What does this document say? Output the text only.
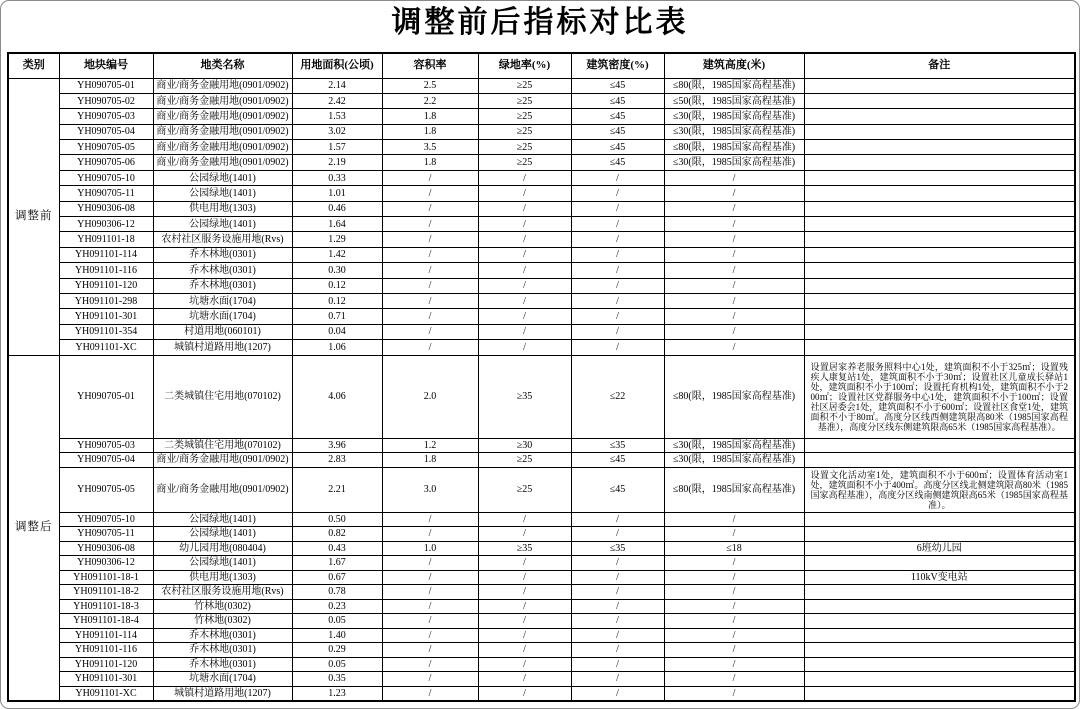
调整前后指标对比表
类别	地块编号	地类名称	用地面积(公顷)	容积率	绿地率(%)	建筑密度(%)	建筑高度(米)	备注
调整前	YH090705-01	商业/商务金融用地(0901/0902)	2.14	2.5	≥25	≤45	≤80(限，1985国家高程基准)	
	YH090705-02	商业/商务金融用地(0901/0902)	2.42	2.2	≥25	≤45	≤50(限，1985国家高程基准)	
	YH090705-03	商业/商务金融用地(0901/0902)	1.53	1.8	≥25	≤45	≤30(限，1985国家高程基准)	
	YH090705-04	商业/商务金融用地(0901/0902)	3.02	1.8	≥25	≤45	≤30(限，1985国家高程基准)	
	YH090705-05	商业/商务金融用地(0901/0902)	1.57	3.5	≥25	≤45	≤80(限，1985国家高程基准)	
	YH090705-06	商业/商务金融用地(0901/0902)	2.19	1.8	≥25	≤45	≤30(限，1985国家高程基准)	
	YH090705-10	公园绿地(1401)	0.33	/	/	/	/	
	YH090705-11	公园绿地(1401)	1.01	/	/	/	/	
	YH090306-08	供电用地(1303)	0.46	/	/	/	/	
	YH090306-12	公园绿地(1401)	1.64	/	/	/	/	
	YH091101-18	农村社区服务设施用地(Rvs)	1.29	/	/	/	/	
	YH091101-114	乔木林地(0301)	1.42	/	/	/	/	
	YH091101-116	乔木林地(0301)	0.30	/	/	/	/	
	YH091101-120	乔木林地(0301)	0.12	/	/	/	/	
	YH091101-298	坑塘水面(1704)	0.12	/	/	/	/	
	YH091101-301	坑塘水面(1704)	0.71	/	/	/	/	
	YH091101-354	村道用地(060101)	0.04	/	/	/	/	
	YH091101-XC	城镇村道路用地(1207)	1.06	/	/	/	/	
调整后	YH090705-01	二类城镇住宅用地(070102)	4.06	2.0	≥35	≤22	≤80(限，1985国家高程基准)	设置居家养老服务照料中心1处，建筑面积不小于325㎡；设置残疾人康复站1处，建筑面积不小于30㎡；设置社区儿童成长驿站1处，建筑面积不小于100㎡；设置托育机构1处，建筑面积不小于200㎡；设置社区党群服务中心1处，建筑面积不小于100㎡；设置社区居委会1处，建筑面积不小于600㎡；设置社区食堂1处，建筑面积不小于80㎡。高度分区线西侧建筑限高80米（1985国家高程基准），高度分区线东侧建筑限高65米（1985国家高程基准）。
	YH090705-03	二类城镇住宅用地(070102)	3.96	1.2	≥30	≤35	≤30(限，1985国家高程基准)	
	YH090705-04	商业/商务金融用地(0901/0902)	2.83	1.8	≥25	≤45	≤30(限，1985国家高程基准)	
	YH090705-05	商业/商务金融用地(0901/0902)	2.21	3.0	≥25	≤45	≤80(限，1985国家高程基准)	设置文化活动室1处，建筑面积不小于600㎡；设置体育活动室1处，建筑面积不小于400㎡。高度分区线北侧建筑限高80米（1985国家高程基准），高度分区线南侧建筑限高65米（1985国家高程基准）。
	YH090705-10	公园绿地(1401)	0.50	/	/	/	/	
	YH090705-11	公园绿地(1401)	0.82	/	/	/	/	
	YH090306-08	幼儿园用地(080404)	0.43	1.0	≥35	≤35	≤18	6班幼儿园
	YH090306-12	公园绿地(1401)	1.67	/	/	/	/	
	YH091101-18-1	供电用地(1303)	0.67	/	/	/	/	110kV变电站
	YH091101-18-2	农村社区服务设施用地(Rvs)	0.78	/	/	/	/	
	YH091101-18-3	竹林地(0302)	0.23	/	/	/	/	
	YH091101-18-4	竹林地(0302)	0.05	/	/	/	/	
	YH091101-114	乔木林地(0301)	1.40	/	/	/	/	
	YH091101-116	乔木林地(0301)	0.29	/	/	/	/	
	YH091101-120	乔木林地(0301)	0.05	/	/	/	/	
	YH091101-301	坑塘水面(1704)	0.35	/	/	/	/	
	YH091101-XC	城镇村道路用地(1207)	1.23	/	/	/	/	
